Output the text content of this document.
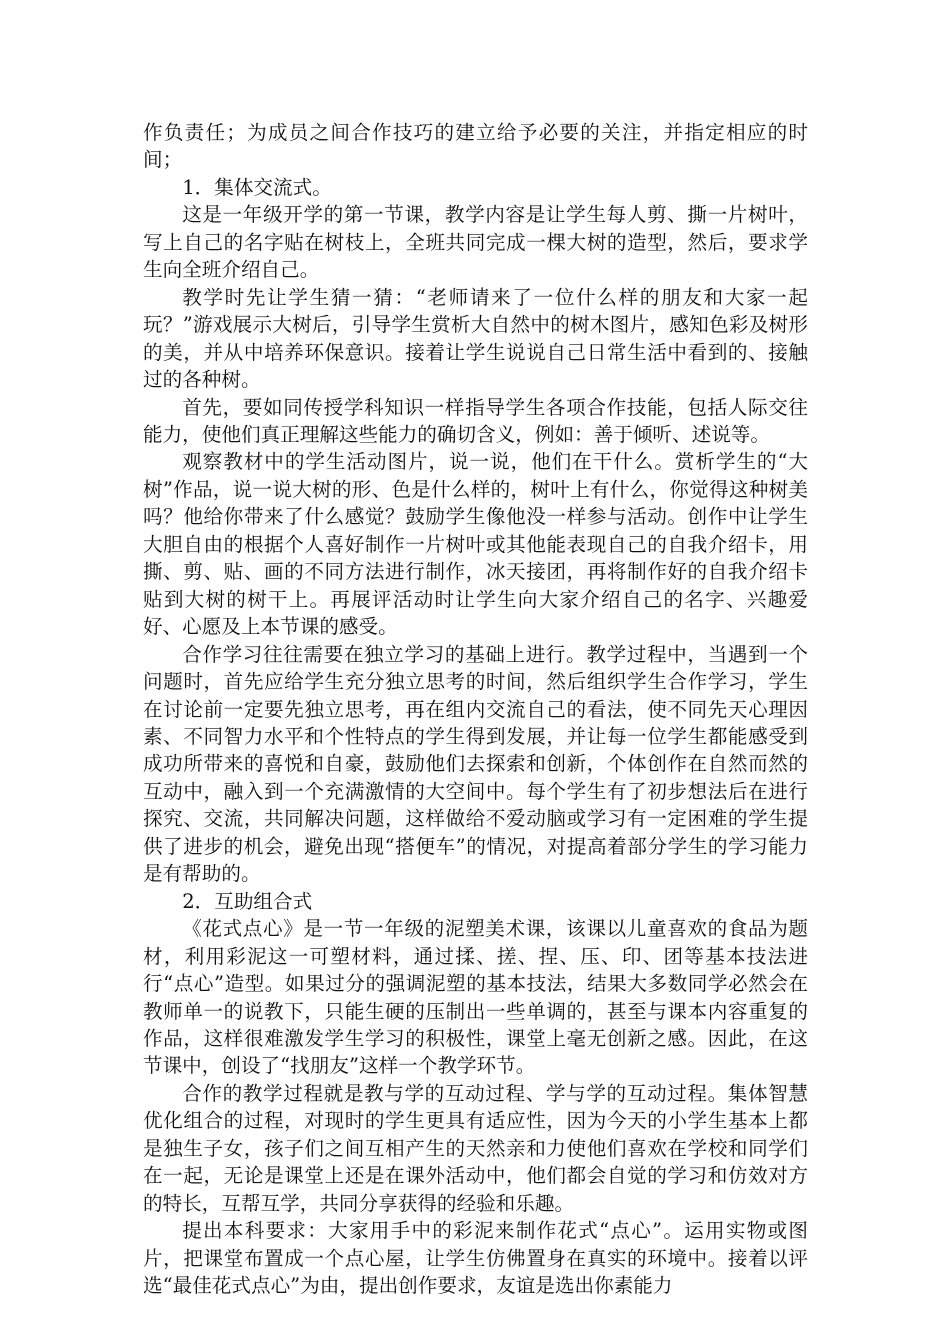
作负责任；为成员之间合作技巧的建立给予必要的关注，并指定相应的时间；

1．集体交流式。

这是一年级开学的第一节课，教学内容是让学生每人剪、撕一片树叶，写上自己的名字贴在树枝上，全班共同完成一棵大树的造型，然后，要求学生向全班介绍自己。

教学时先让学生猜一猜：“老师请来了一位什么样的朋友和大家一起玩？”游戏展示大树后，引导学生赏析大自然中的树木图片，感知色彩及树形的美，并从中培养环保意识。接着让学生说说自己日常生活中看到的、接触过的各种树。

首先，要如同传授学科知识一样指导学生各项合作技能，包括人际交往能力，使他们真正理解这些能力的确切含义，例如：善于倾听、述说等。

观察教材中的学生活动图片，说一说，他们在干什么。赏析学生的“大树”作品，说一说大树的形、色是什么样的，树叶上有什么，你觉得这种树美吗？他给你带来了什么感觉？鼓励学生像他没一样参与活动。创作中让学生大胆自由的根据个人喜好制作一片树叶或其他能表现自己的自我介绍卡，用撕、剪、贴、画的不同方法进行制作，冰天接团，再将制作好的自我介绍卡贴到大树的树干上。再展评活动时让学生向大家介绍自己的名字、兴趣爱好、心愿及上本节课的感受。

合作学习往往需要在独立学习的基础上进行。教学过程中，当遇到一个问题时，首先应给学生充分独立思考的时间，然后组织学生合作学习，学生在讨论前一定要先独立思考，再在组内交流自己的看法，使不同先天心理因素、不同智力水平和个性特点的学生得到发展，并让每一位学生都能感受到成功所带来的喜悦和自豪，鼓励他们去探索和创新，个体创作在自然而然的互动中，融入到一个充满激情的大空间中。每个学生有了初步想法后在进行探究、交流，共同解决问题，这样做给不爱动脑或学习有一定困难的学生提供了进步的机会，避免出现“搭便车”的情况，对提高着部分学生的学习能力是有帮助的。

2．互助组合式

《花式点心》是一节一年级的泥塑美术课，该课以儿童喜欢的食品为题材，利用彩泥这一可塑材料，通过揉、搓、捏、压、印、团等基本技法进行“点心”造型。如果过分的强调泥塑的基本技法，结果大多数同学必然会在教师单一的说教下，只能生硬的压制出一些单调的，甚至与课本内容重复的作品，这样很难激发学生学习的积极性，课堂上毫无创新之感。因此，在这节课中，创设了“找朋友”这样一个教学环节。

合作的教学过程就是教与学的互动过程、学与学的互动过程。集体智慧优化组合的过程，对现时的学生更具有适应性，因为今天的小学生基本上都是独生子女，孩子们之间互相产生的天然亲和力使他们喜欢在学校和同学们在一起，无论是课堂上还是在课外活动中，他们都会自觉的学习和仿效对方的特长，互帮互学，共同分享获得的经验和乐趣。

提出本科要求：大家用手中的彩泥来制作花式“点心”。运用实物或图片，把课堂布置成一个点心屋，让学生仿佛置身在真实的环境中。接着以评选“最佳花式点心”为由，提出创作要求，友谊是选出你素能力
